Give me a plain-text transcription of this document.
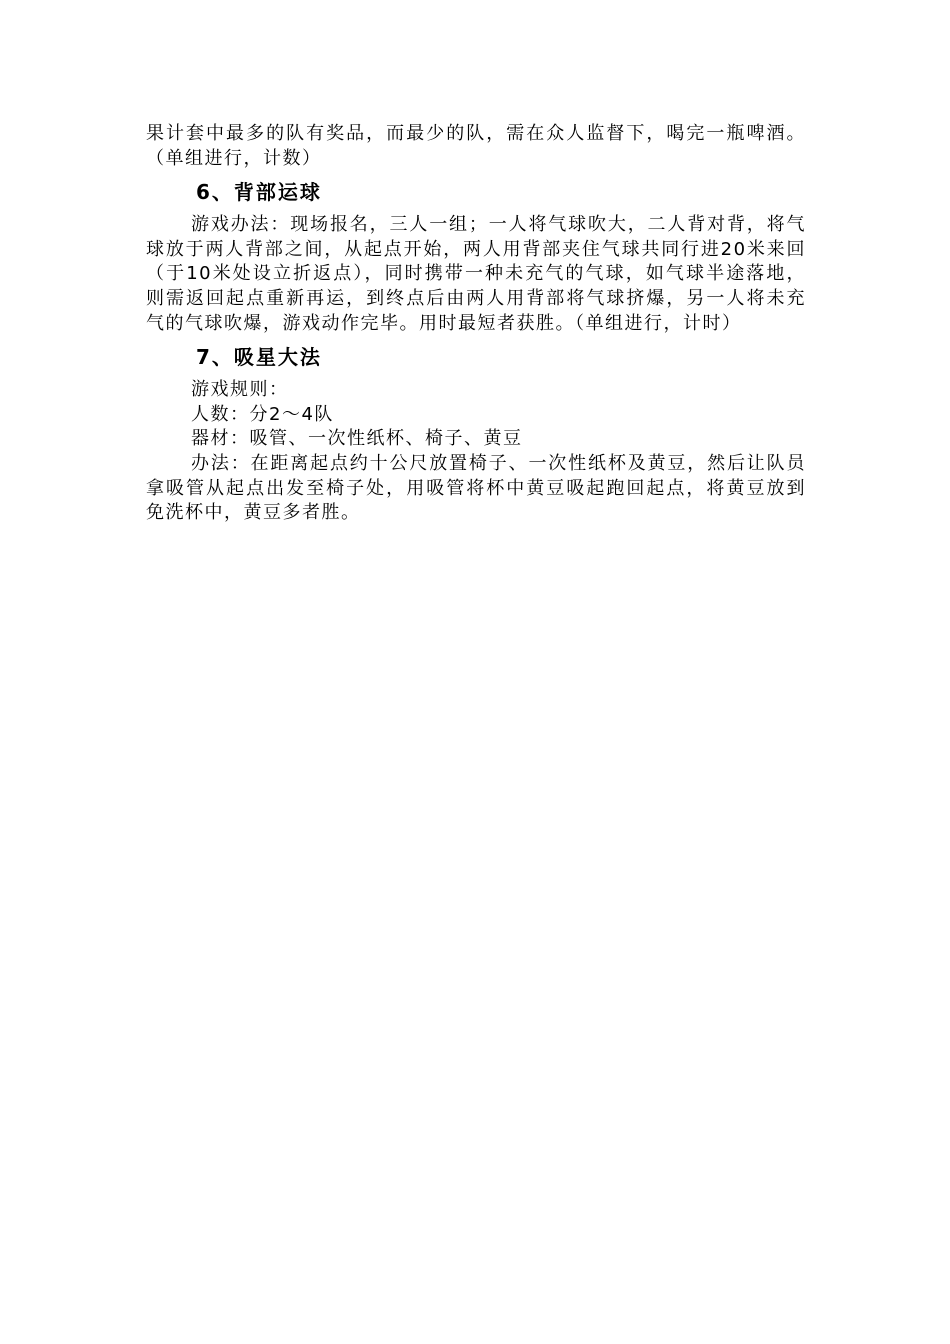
果计套中最多的队有奖品，而最少的队，需在众人监督下，喝完一瓶啤酒。（单组进行，计数）

6、背部运球

游戏办法：现场报名，三人一组；一人将气球吹大，二人背对背，将气球放于两人背部之间，从起点开始，两人用背部夹住气球共同行进20米来回（于10米处设立折返点），同时携带一种未充气的气球，如气球半途落地，则需返回起点重新再运，到终点后由两人用背部将气球挤爆，另一人将未充气的气球吹爆，游戏动作完毕。用时最短者获胜。（单组进行，计时）

7、吸星大法

游戏规则：

人数：分2～4队

器材：吸管、一次性纸杯、椅子、黄豆

办法：在距离起点约十公尺放置椅子、一次性纸杯及黄豆，然后让队员拿吸管从起点出发至椅子处，用吸管将杯中黄豆吸起跑回起点，将黄豆放到免洗杯中，黄豆多者胜。
